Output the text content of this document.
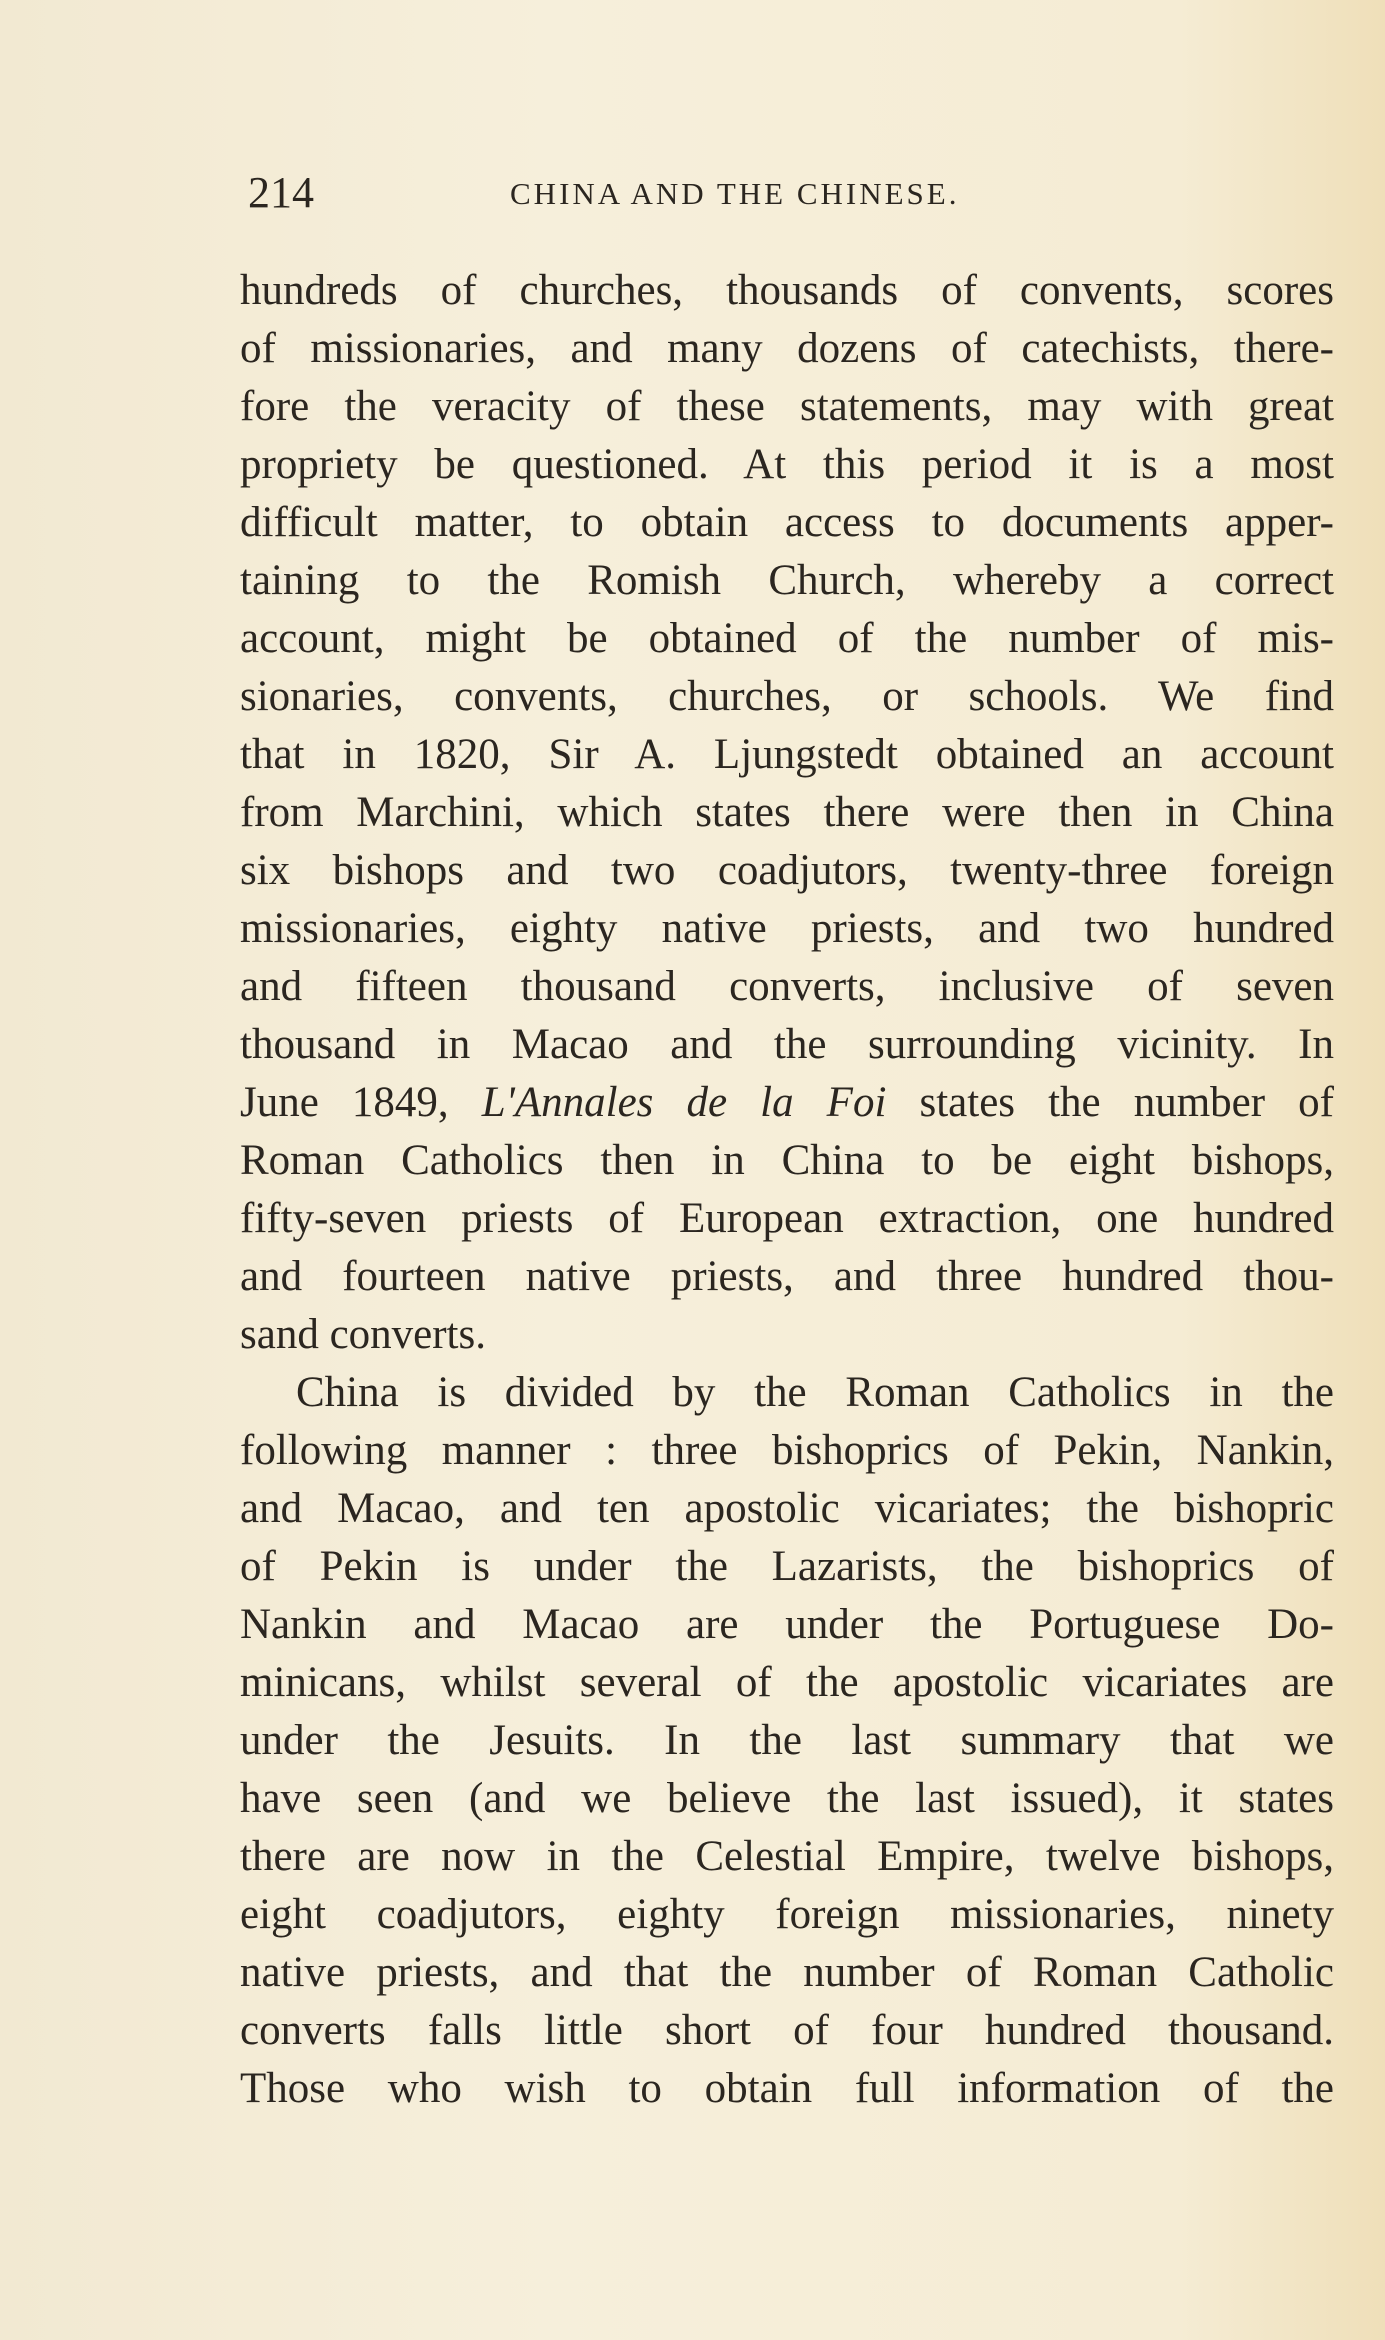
214	CHINA AND THE CHINESE.
hundreds of churches, thousands of convents, scores
of missionaries, and many dozens of catechists, there-
fore the veracity of these statements, may with great
propriety be questioned. At this period it is a most
difficult matter, to obtain access to documents apper-
taining to the Romish Church, whereby a correct
account, might be obtained of the number of mis-
sionaries, convents, churches, or schools. We find
that in 1820, Sir A. Ljungstedt obtained an account
from Marchini, which states there were then in China
six bishops and two coadjutors, twenty-three foreign
missionaries, eighty native priests, and two hundred
and fifteen thousand converts, inclusive of seven
thousand in Macao and the surrounding vicinity. In
June 1849, L'Annales de la Foi states the number of
Roman Catholics then in China to be eight bishops,
fifty-seven priests of European extraction, one hundred
and fourteen native priests, and three hundred thou-
sand converts.
China is divided by the Roman Catholics in the
following manner : three bishoprics of Pekin, Nankin,
and Macao, and ten apostolic vicariates; the bishopric
of Pekin is under the Lazarists, the bishoprics of
Nankin and Macao are under the Portuguese Do-
minicans, whilst several of the apostolic vicariates are
under the Jesuits. In the last summary that we
have seen (and we believe the last issued), it states
there are now in the Celestial Empire, twelve bishops,
eight coadjutors, eighty foreign missionaries, ninety
native priests, and that the number of Roman Catholic
converts falls little short of four hundred thousand.
Those who wish to obtain full information of the
